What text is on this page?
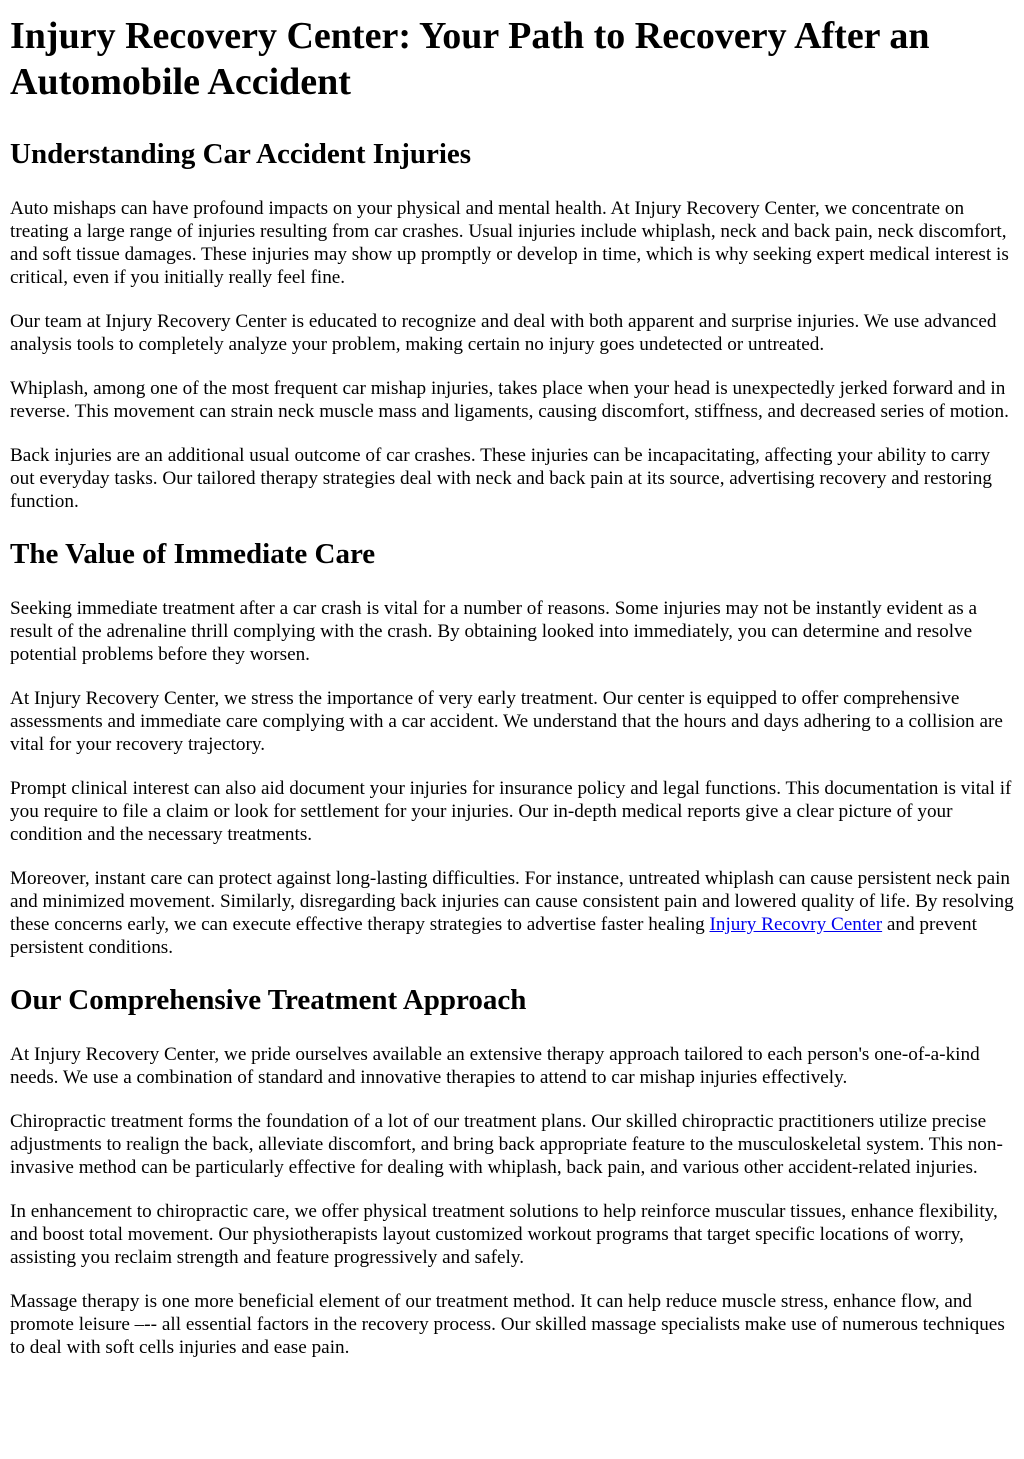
Injury Recovery Center: Your Path to Recovery After an Automobile Accident
Understanding Car Accident Injuries

Auto mishaps can have profound impacts on your physical and mental health. At Injury Recovery Center, we concentrate on treating a large range of injuries resulting from car crashes. Usual injuries include whiplash, neck and back pain, neck discomfort, and soft tissue damages. These injuries may show up promptly or develop in time, which is why seeking expert medical interest is critical, even if you initially really feel fine.

Our team at Injury Recovery Center is educated to recognize and deal with both apparent and surprise injuries. We use advanced analysis tools to completely analyze your problem, making certain no injury goes undetected or untreated.

Whiplash, among one of the most frequent car mishap injuries, takes place when your head is unexpectedly jerked forward and in reverse. This movement can strain neck muscle mass and ligaments, causing discomfort, stiffness, and decreased series of motion.

Back injuries are an additional usual outcome of car crashes. These injuries can be incapacitating, affecting your ability to carry out everyday tasks. Our tailored therapy strategies deal with neck and back pain at its source, advertising recovery and restoring function.

The Value of Immediate Care

Seeking immediate treatment after a car crash is vital for a number of reasons. Some injuries may not be instantly evident as a result of the adrenaline thrill complying with the crash. By obtaining looked into immediately, you can determine and resolve potential problems before they worsen.

At Injury Recovery Center, we stress the importance of very early treatment. Our center is equipped to offer comprehensive assessments and immediate care complying with a car accident. We understand that the hours and days adhering to a collision are vital for your recovery trajectory.

Prompt clinical interest can also aid document your injuries for insurance policy and legal functions. This documentation is vital if you require to file a claim or look for settlement for your injuries. Our in-depth medical reports give a clear picture of your condition and the necessary treatments.

Moreover, instant care can protect against long-lasting difficulties. For instance, untreated whiplash can cause persistent neck pain and minimized movement. Similarly, disregarding back injuries can cause consistent pain and lowered quality of life. By resolving these concerns early, we can execute effective therapy strategies to advertise faster healing Injury Recovry Center and prevent persistent conditions.

Our Comprehensive Treatment Approach

At Injury Recovery Center, we pride ourselves available an extensive therapy approach tailored to each person's one-of-a-kind needs. We use a combination of standard and innovative therapies to attend to car mishap injuries effectively.

Chiropractic treatment forms the foundation of a lot of our treatment plans. Our skilled chiropractic practitioners utilize precise adjustments to realign the back, alleviate discomfort, and bring back appropriate feature to the musculoskeletal system. This non-invasive method can be particularly effective for dealing with whiplash, back pain, and various other accident-related injuries.

In enhancement to chiropractic care, we offer physical treatment solutions to help reinforce muscular tissues, enhance flexibility, and boost total movement. Our physiotherapists layout customized workout programs that target specific locations of worry, assisting you reclaim strength and feature progressively and safely.

Massage therapy is one more beneficial element of our treatment method. It can help reduce muscle stress, enhance flow, and promote leisure –-- all essential factors in the recovery process. Our skilled massage specialists make use of numerous techniques to deal with soft cells injuries and ease pain.
